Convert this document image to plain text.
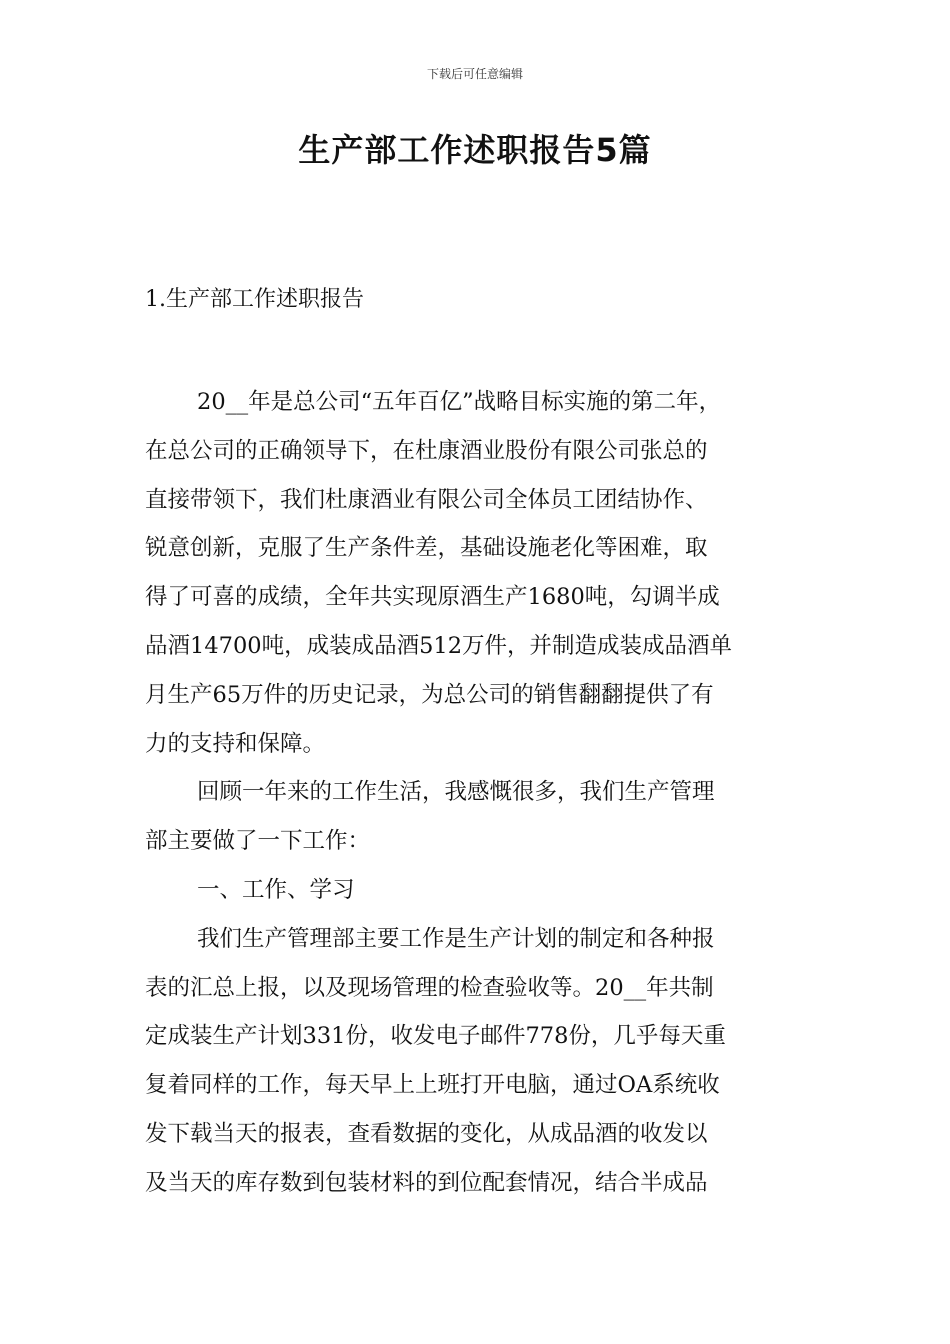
下载后可任意编辑
生产部工作述职报告5篇
1.生产部工作述职报告
20__年是总公司“五年百亿”战略目标实施的第二年，
在总公司的正确领导下，在杜康酒业股份有限公司张总的
直接带领下，我们杜康酒业有限公司全体员工团结协作、
锐意创新，克服了生产条件差，基础设施老化等困难，取
得了可喜的成绩，全年共实现原酒生产1680吨，勾调半成
品酒14700吨，成装成品酒512万件，并制造成装成品酒单
月生产65万件的历史记录，为总公司的销售翻翻提供了有
力的支持和保障。
回顾一年来的工作生活，我感慨很多，我们生产管理
部主要做了一下工作：
一、工作、学习
我们生产管理部主要工作是生产计划的制定和各种报
表的汇总上报，以及现场管理的检查验收等。20__年共制
定成装生产计划331份，收发电子邮件778份，几乎每天重
复着同样的工作，每天早上上班打开电脑，通过OA系统收
发下载当天的报表，查看数据的变化，从成品酒的收发以
及当天的库存数到包装材料的到位配套情况，结合半成品
